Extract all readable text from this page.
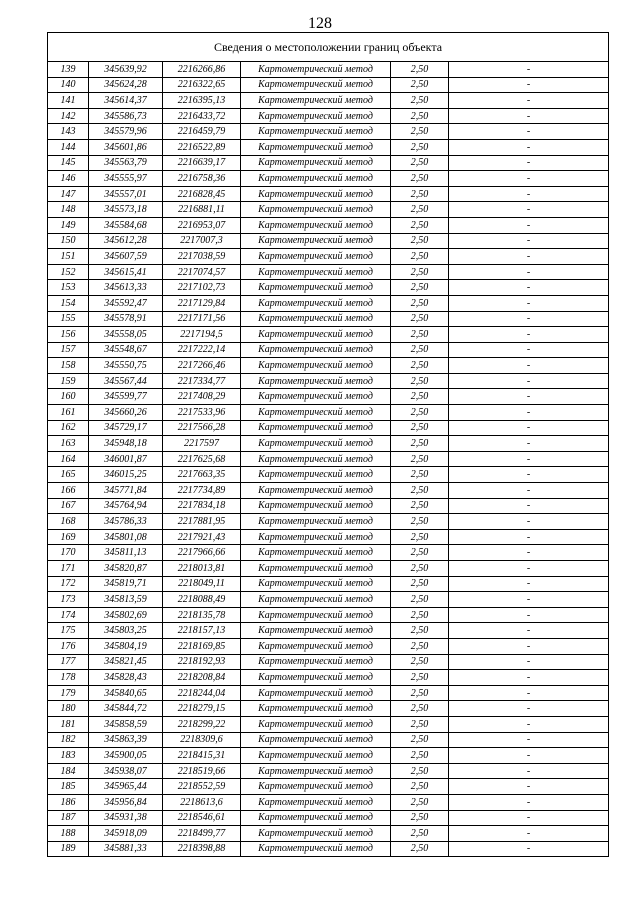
128
Сведения о местоположении границ объекта					
139	345639,92	2216266,86	Картометрический метод	2,50	-
140	345624,28	2216322,65	Картометрический метод	2,50	-
141	345614,37	2216395,13	Картометрический метод	2,50	-
142	345586,73	2216433,72	Картометрический метод	2,50	-
143	345579,96	2216459,79	Картометрический метод	2,50	-
144	345601,86	2216522,89	Картометрический метод	2,50	-
145	345563,79	2216639,17	Картометрический метод	2,50	-
146	345555,97	2216758,36	Картометрический метод	2,50	-
147	345557,01	2216828,45	Картометрический метод	2,50	-
148	345573,18	2216881,11	Картометрический метод	2,50	-
149	345584,68	2216953,07	Картометрический метод	2,50	-
150	345612,28	2217007,3	Картометрический метод	2,50	-
151	345607,59	2217038,59	Картометрический метод	2,50	-
152	345615,41	2217074,57	Картометрический метод	2,50	-
153	345613,33	2217102,73	Картометрический метод	2,50	-
154	345592,47	2217129,84	Картометрический метод	2,50	-
155	345578,91	2217171,56	Картометрический метод	2,50	-
156	345558,05	2217194,5	Картометрический метод	2,50	-
157	345548,67	2217222,14	Картометрический метод	2,50	-
158	345550,75	2217266,46	Картометрический метод	2,50	-
159	345567,44	2217334,77	Картометрический метод	2,50	-
160	345599,77	2217408,29	Картометрический метод	2,50	-
161	345660,26	2217533,96	Картометрический метод	2,50	-
162	345729,17	2217566,28	Картометрический метод	2,50	-
163	345948,18	2217597	Картометрический метод	2,50	-
164	346001,87	2217625,68	Картометрический метод	2,50	-
165	346015,25	2217663,35	Картометрический метод	2,50	-
166	345771,84	2217734,89	Картометрический метод	2,50	-
167	345764,94	2217834,18	Картометрический метод	2,50	-
168	345786,33	2217881,95	Картометрический метод	2,50	-
169	345801,08	2217921,43	Картометрический метод	2,50	-
170	345811,13	2217966,66	Картометрический метод	2,50	-
171	345820,87	2218013,81	Картометрический метод	2,50	-
172	345819,71	2218049,11	Картометрический метод	2,50	-
173	345813,59	2218088,49	Картометрический метод	2,50	-
174	345802,69	2218135,78	Картометрический метод	2,50	-
175	345803,25	2218157,13	Картометрический метод	2,50	-
176	345804,19	2218169,85	Картометрический метод	2,50	-
177	345821,45	2218192,93	Картометрический метод	2,50	-
178	345828,43	2218208,84	Картометрический метод	2,50	-
179	345840,65	2218244,04	Картометрический метод	2,50	-
180	345844,72	2218279,15	Картометрический метод	2,50	-
181	345858,59	2218299,22	Картометрический метод	2,50	-
182	345863,39	2218309,6	Картометрический метод	2,50	-
183	345900,05	2218415,31	Картометрический метод	2,50	-
184	345938,07	2218519,66	Картометрический метод	2,50	-
185	345965,44	2218552,59	Картометрический метод	2,50	-
186	345956,84	2218613,6	Картометрический метод	2,50	-
187	345931,38	2218546,61	Картометрический метод	2,50	-
188	345918,09	2218499,77	Картометрический метод	2,50	-
189	345881,33	2218398,88	Картометрический метод	2,50	-
